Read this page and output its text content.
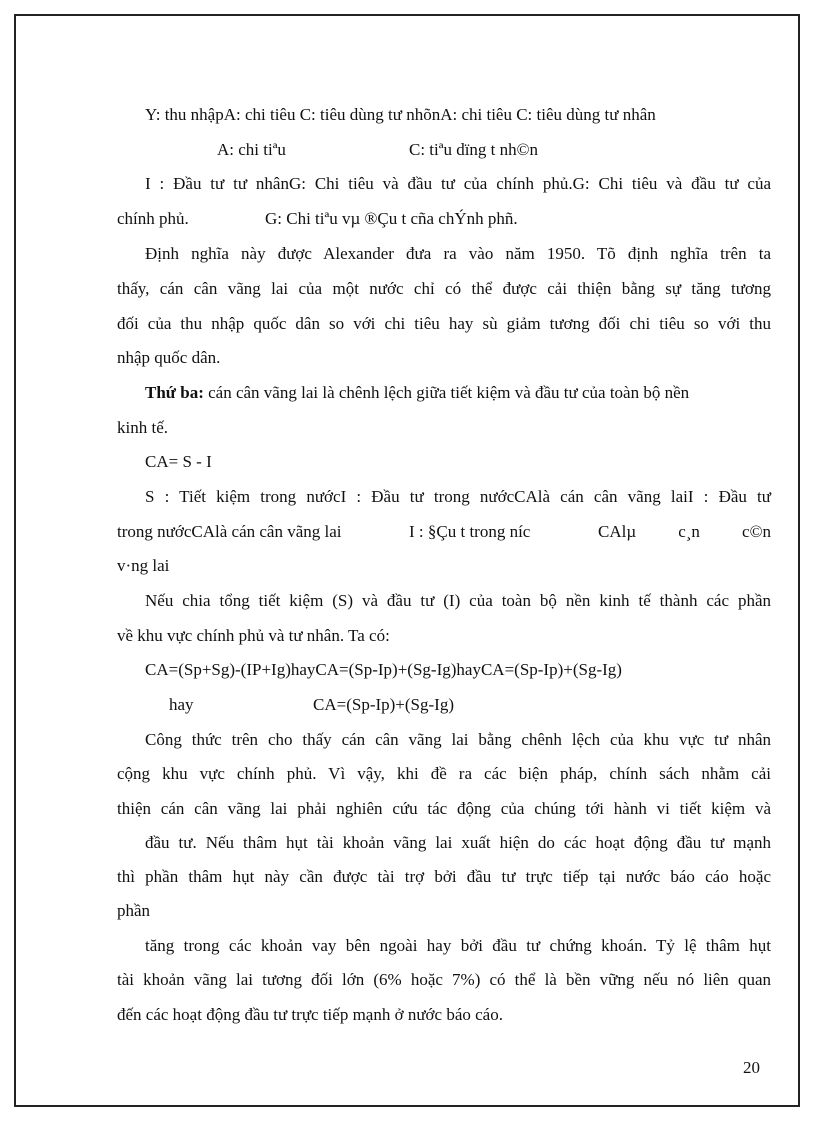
Y: thu nhậpA: chi tiêu C: tiêu dùng tư nhõnA: chi tiêu C: tiêu dùng tư nhân
A: chi tiªu	C: tiªu dïng t nh©n
I : Đầu tư tư nhânG: Chi tiêu và đầu tư của chính phủ.G: Chi tiêu và đầu tư của
chính phủ.	G: Chi tiªu vµ ®Çu t cña chÝnh phñ.
Định nghĩa này được Alexander đưa ra vào năm 1950. Tõ định nghĩa trên ta
thấy, cán cân vãng lai của một nước chỉ có thể được cải thiện bằng sự tăng tương
đối của thu nhập quốc dân so với chi tiêu hay sù giảm tương đối chi tiêu so với thu
nhập quốc dân.
Thứ ba: cán cân vãng lai là chênh lệch giữa tiết kiệm và đầu tư của toàn bộ nền
kinh tế.
CA= S - I
S : Tiết kiệm trong nướcI : Đầu tư trong nướcCAlà cán cân vãng laiI : Đầu tư
trong nướcCAlà cán cân vãng lai	I : §Çu t trong níc	CAlµ c¸n c©n
v·ng lai
Nếu chia tổng tiết kiệm (S) và đầu tư (I) của toàn bộ nền kinh tế thành các phần
về khu vực chính phủ và tư nhân. Ta có:
CA=(Sp+Sg)-(IP+Ig)hayCA=(Sp-Ip)+(Sg-Ig)hayCA=(Sp-Ip)+(Sg-Ig)
hay	CA=(Sp-Ip)+(Sg-Ig)
Công thức trên cho thấy cán cân vãng lai bằng chênh lệch của khu vực tư nhân
cộng khu vực chính phủ. Vì vậy, khi đề ra các biện pháp, chính sách nhằm cải
thiện cán cân vãng lai phải nghiên cứu tác động của chúng tới hành vi tiết kiệm và
đầu tư. Nếu thâm hụt tài khoản vãng lai xuất hiện do các hoạt động đầu tư mạnh
thì phần thâm hụt này cần được tài trợ bởi đầu tư trực tiếp tại nước báo cáo hoặc
phần
tăng trong các khoản vay bên ngoài hay bởi đầu tư chứng khoán. Tỷ lệ thâm hụt
tài khoản vãng lai tương đối lớn (6% hoặc 7%) có thể là bền vững nếu nó liên quan
đến các hoạt động đầu tư trực tiếp mạnh ở nước báo cáo.
20
